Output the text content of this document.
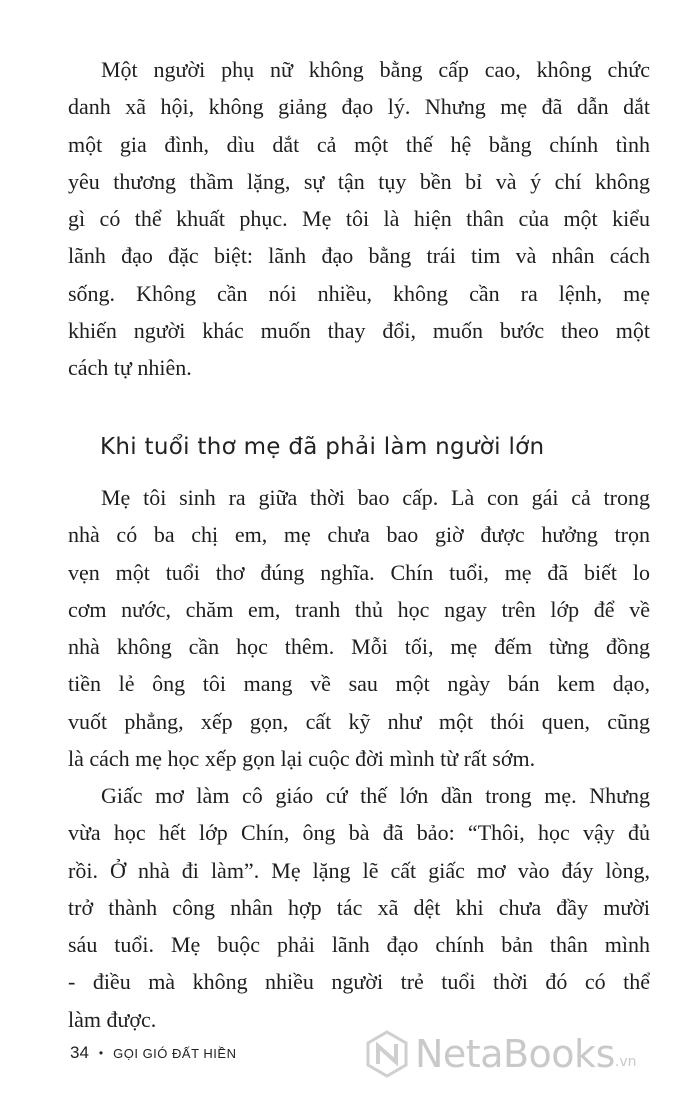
Một người phụ nữ không bằng cấp cao, không chức
danh xã hội, không giảng đạo lý. Nhưng mẹ đã dẫn dắt
một gia đình, dìu dắt cả một thế hệ bằng chính tình
yêu thương thầm lặng, sự tận tụy bền bỉ và ý chí không
gì có thể khuất phục. Mẹ tôi là hiện thân của một kiểu
lãnh đạo đặc biệt: lãnh đạo bằng trái tim và nhân cách
sống. Không cần nói nhiều, không cần ra lệnh, mẹ
khiến người khác muốn thay đổi, muốn bước theo một
cách tự nhiên.
Khi tuổi thơ mẹ đã phải làm người lớn
Mẹ tôi sinh ra giữa thời bao cấp. Là con gái cả trong
nhà có ba chị em, mẹ chưa bao giờ được hưởng trọn
vẹn một tuổi thơ đúng nghĩa. Chín tuổi, mẹ đã biết lo
cơm nước, chăm em, tranh thủ học ngay trên lớp để về
nhà không cần học thêm. Mỗi tối, mẹ đếm từng đồng
tiền lẻ ông tôi mang về sau một ngày bán kem dạo,
vuốt phẳng, xếp gọn, cất kỹ như một thói quen, cũng
là cách mẹ học xếp gọn lại cuộc đời mình từ rất sớm.
Giấc mơ làm cô giáo cứ thế lớn dần trong mẹ. Nhưng
vừa học hết lớp Chín, ông bà đã bảo: “Thôi, học vậy đủ
rồi. Ở nhà đi làm”. Mẹ lặng lẽ cất giấc mơ vào đáy lòng,
trở thành công nhân hợp tác xã dệt khi chưa đầy mười
sáu tuổi. Mẹ buộc phải lãnh đạo chính bản thân mình
- điều mà không nhiều người trẻ tuổi thời đó có thể
làm được.
34 • GỌI GIÓ ĐẤT HIỀN	NetaBooks .vn
